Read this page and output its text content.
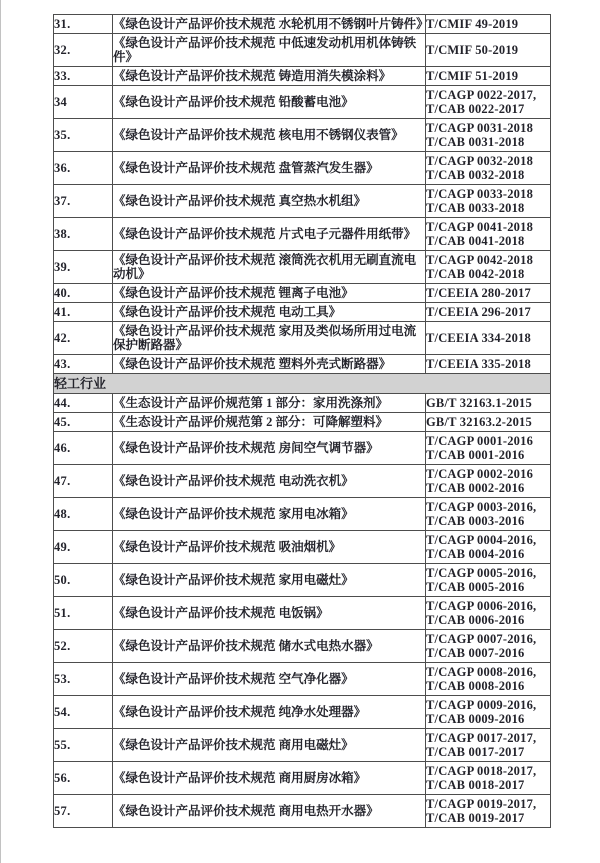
31.	《绿色设计产品评价技术规范 水轮机用不锈钢叶片铸件》	T/CMIF 49-2019

32.	《绿色设计产品评价技术规范 中低速发动机用机体铸铁件》	T/CMIF 50-2019

33.	《绿色设计产品评价技术规范 铸造用消失模涂料》	T/CMIF 51-2019

34	《绿色设计产品评价技术规范 铅酸蓄电池》	T/CAGP 0022-2017,
T/CAB 0022-2017

35.	《绿色设计产品评价技术规范 核电用不锈钢仪表管》	T/CAGP 0031-2018
T/CAB 0031-2018

36.	《绿色设计产品评价技术规范 盘管蒸汽发生器》	T/CAGP 0032-2018
T/CAB 0032-2018

37.	《绿色设计产品评价技术规范 真空热水机组》	T/CAGP 0033-2018
T/CAB 0033-2018

38.	《绿色设计产品评价技术规范 片式电子元器件用纸带》	T/CAGP 0041-2018
T/CAB 0041-2018

39.	《绿色设计产品评价技术规范 滚筒洗衣机用无刷直流电动机》	T/CAGP 0042-2018
T/CAB 0042-2018

40.	《绿色设计产品评价技术规范 锂离子电池》	T/CEEIA 280-2017

41.	《绿色设计产品评价技术规范 电动工具》	T/CEEIA 296-2017

42.	《绿色设计产品评价技术规范 家用及类似场所用过电流保护断路器》	T/CEEIA 334-2018

43.	《绿色设计产品评价技术规范 塑料外壳式断路器》	T/CEEIA 335-2018

轻工行业		
44.	《生态设计产品评价规范第 1 部分：家用洗涤剂》	GB/T 32163.1-2015

45.	《生态设计产品评价规范第 2 部分：可降解塑料》	GB/T 32163.2-2015

46.	《绿色设计产品评价技术规范 房间空气调节器》	T/CAGP 0001-2016
T/CAB 0001-2016

47.	《绿色设计产品评价技术规范 电动洗衣机》	T/CAGP 0002-2016
T/CAB 0002-2016

48.	《绿色设计产品评价技术规范 家用电冰箱》	T/CAGP 0003-2016,
T/CAB 0003-2016

49.	《绿色设计产品评价技术规范 吸油烟机》	T/CAGP 0004-2016,
T/CAB 0004-2016

50.	《绿色设计产品评价技术规范 家用电磁灶》	T/CAGP 0005-2016,
T/CAB 0005-2016

51.	《绿色设计产品评价技术规范 电饭锅》	T/CAGP 0006-2016,
T/CAB 0006-2016

52.	《绿色设计产品评价技术规范 储水式电热水器》	T/CAGP 0007-2016,
T/CAB 0007-2016

53.	《绿色设计产品评价技术规范 空气净化器》	T/CAGP 0008-2016,
T/CAB 0008-2016

54.	《绿色设计产品评价技术规范 纯净水处理器》	T/CAGP 0009-2016,
T/CAB 0009-2016

55.	《绿色设计产品评价技术规范 商用电磁灶》	T/CAGP 0017-2017,
T/CAB 0017-2017

56.	《绿色设计产品评价技术规范 商用厨房冰箱》	T/CAGP 0018-2017,
T/CAB 0018-2017

57.	《绿色设计产品评价技术规范 商用电热开水器》	T/CAGP 0019-2017,
T/CAB 0019-2017
